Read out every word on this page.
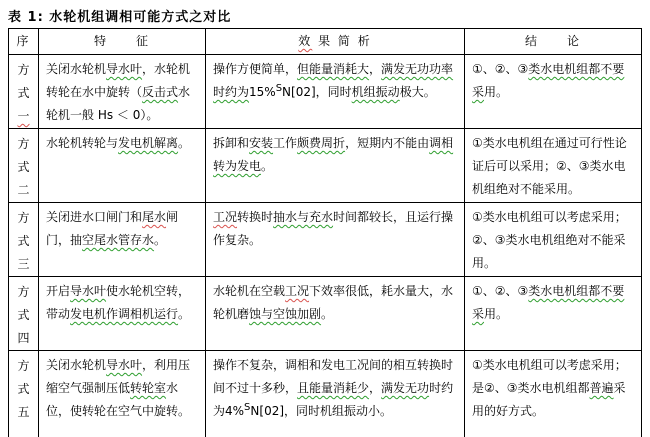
表 1: 水轮机组调相可能方式之对比
序	特　　征	效 果 简 析	结　　论
方式一	关闭水轮机导水叶，水轮机转轮在水中旋转（反击式水轮机一般 Hs ＜ 0）。	操作方便简单，但能量消耗大，满发无功功率时约为15%$^S$N[02]，同时机组振动极大。	①、②、③类水电机组都不要采用。
方式二	水轮机转轮与发电机解离。	拆卸和安装工作颇费周折，短期内不能由调相转为发电。	①类水电机组在通过可行性论证后可以采用；②、③类水电机组绝对不能采用。
方式三	关闭进水口闸门和尾水闸门，抽空尾水管存水。	工况转换时抽水与充水时间都较长，且运行操作复杂。	①类水电机组可以考虑采用；②、③类水电机组绝对不能采用。
方式四	开启导水叶使水轮机空转，带动发电机作调相机运行。	水轮机在空载工况下效率很低，耗水量大，水轮机磨蚀与空蚀加剧。	①、②、③类水电机组都不要采用。
方式五	关闭水轮机导水叶，利用压缩空气强制压低转轮室水位，使转轮在空气中旋转。	操作不复杂，调相和发电工况间的相互转换时间不过十多秒，且能量消耗少，满发无功时约为4%$^S$N[02]，同时机组振动小。	①类水电机组可以考虑采用；是②、③类水电机组都普遍采用的好方式。
